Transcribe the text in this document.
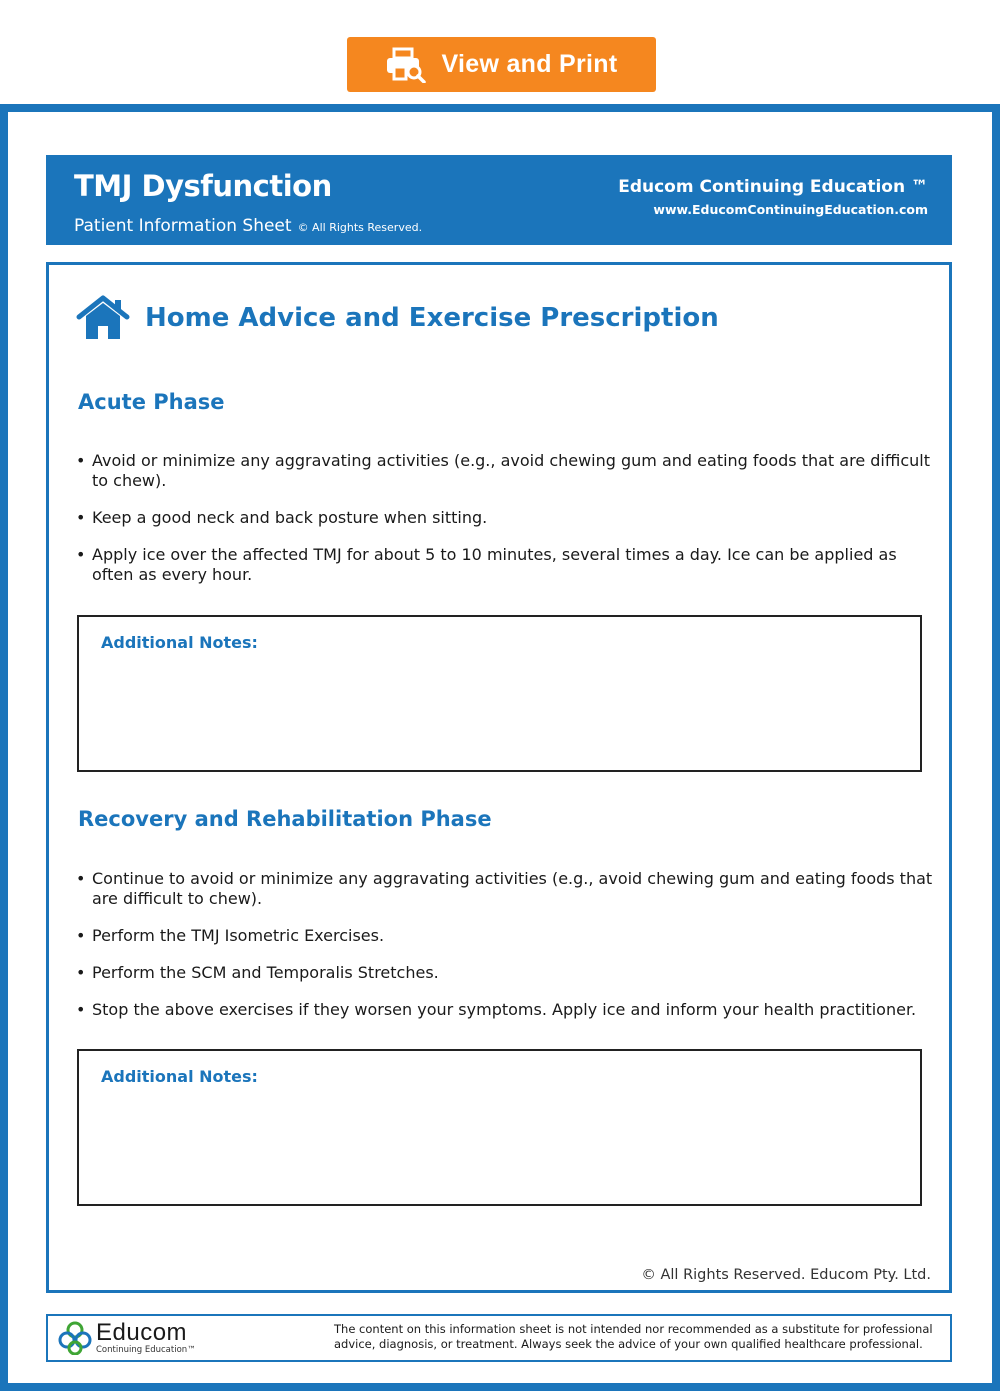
View and Print
TMJ Dysfunction
Patient Information Sheet © All Rights Reserved.
Educom Continuing Education ™
www.EducomContinuingEducation.com
Home Advice and Exercise Prescription
Acute Phase
• Avoid or minimize any aggravating activities (e.g., avoid chewing gum and eating foods that are difficult to chew).
• Keep a good neck and back posture when sitting.
• Apply ice over the affected TMJ for about 5 to 10 minutes, several times a day. Ice can be applied as often as every hour.
Additional Notes:
Recovery and Rehabilitation Phase
• Continue to avoid or minimize any aggravating activities (e.g., avoid chewing gum and eating foods that are difficult to chew).
• Perform the TMJ Isometric Exercises.
• Perform the SCM and Temporalis Stretches.
• Stop the above exercises if they worsen your symptoms. Apply ice and inform your health practitioner.
Additional Notes:
© All Rights Reserved. Educom Pty. Ltd.
Educom
Continuing Education™
The content on this information sheet is not intended nor recommended as a substitute for professional advice, diagnosis, or treatment. Always seek the advice of your own qualified healthcare professional.
